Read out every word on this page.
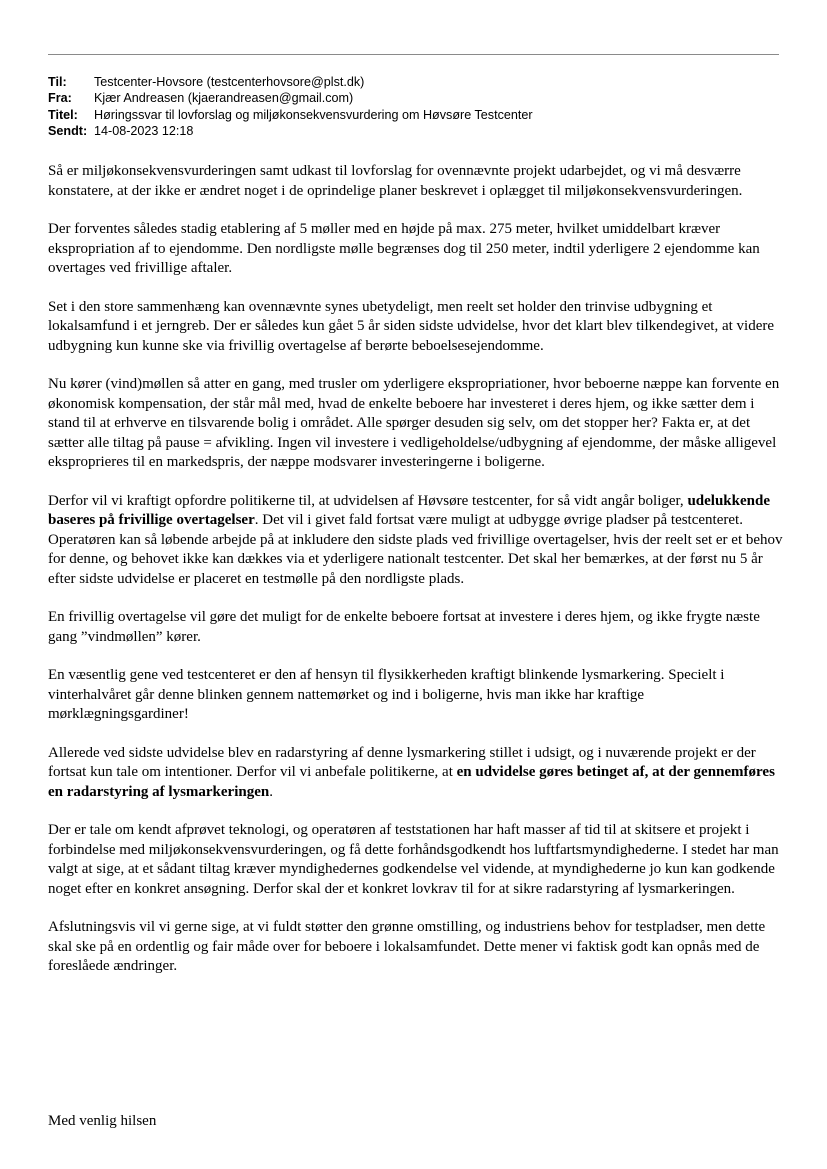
Til:	Testcenter-Hovsore (testcenterhovsore@plst.dk)
Fra:	Kjær Andreasen (kjaerandreasen@gmail.com)
Titel:	Høringssvar til lovforslag og miljøkonsekvensvurdering om Høvsøre Testcenter
Sendt: 14-08-2023 12:18

Så er miljøkonsekvensvurderingen samt udkast til lovforslag for ovennævnte projekt udarbejdet, og vi må desværre konstatere, at der ikke er ændret noget i de oprindelige planer beskrevet i oplægget til miljøkonsekvensvurderingen.

Der forventes således stadig etablering af 5 møller med en højde på max. 275 meter, hvilket umiddelbart kræver ekspropriation af to ejendomme. Den nordligste mølle begrænses dog til 250 meter, indtil yderligere 2 ejendomme kan overtages ved frivillige aftaler.

Set i den store sammenhæng kan ovennævnte synes ubetydeligt, men reelt set holder den trinvise udbygning et lokalsamfund i et jerngreb. Der er således kun gået 5 år siden sidste udvidelse, hvor det klart blev tilkendegivet, at videre udbygning kun kunne ske via frivillig overtagelse af berørte beboelsesejendomme.

Nu kører (vind)møllen så atter en gang, med trusler om yderligere ekspropriationer, hvor beboerne næppe kan forvente en økonomisk kompensation, der står mål med, hvad de enkelte beboere har investeret i deres hjem, og ikke sætter dem i stand til at erhverve en tilsvarende bolig i området. Alle spørger desuden sig selv, om det stopper her? Fakta er, at det sætter alle tiltag på pause = afvikling. Ingen vil investere i vedligeholdelse/udbygning af ejendomme, der måske alligevel eksproprieres til en markedspris, der næppe modsvarer investeringerne i boligerne.

Derfor vil vi kraftigt opfordre politikerne til, at udvidelsen af Høvsøre testcenter, for så vidt angår boliger, udelukkende baseres på frivillige overtagelser. Det vil i givet fald fortsat være muligt at udbygge øvrige pladser på testcenteret. Operatøren kan så løbende arbejde på at inkludere den sidste plads ved frivillige overtagelser, hvis der reelt set er et behov for denne, og behovet ikke kan dækkes via et yderligere nationalt testcenter. Det skal her bemærkes, at der først nu 5 år efter sidste udvidelse er placeret en testmølle på den nordligste plads.

En frivillig overtagelse vil gøre det muligt for de enkelte beboere fortsat at investere i deres hjem, og ikke frygte næste gang ”vindmøllen” kører.

En væsentlig gene ved testcenteret er den af hensyn til flysikkerheden kraftigt blinkende lysmarkering. Specielt i vinterhalvåret går denne blinken gennem nattemørket og ind i boligerne, hvis man ikke har kraftige mørklægningsgardiner!

Allerede ved sidste udvidelse blev en radarstyring af denne lysmarkering stillet i udsigt, og i nuværende projekt er der fortsat kun tale om intentioner. Derfor vil vi anbefale politikerne, at en udvidelse gøres betinget af, at der gennemføres en radarstyring af lysmarkeringen.

Der er tale om kendt afprøvet teknologi, og operatøren af teststationen har haft masser af tid til at skitsere et projekt i forbindelse med miljøkonsekvensvurderingen, og få dette forhåndsgodkendt hos luftfartsmyndighederne. I stedet har man valgt at sige, at et sådant tiltag kræver myndighedernes godkendelse vel vidende, at myndighederne jo kun kan godkende noget efter en konkret ansøgning. Derfor skal der et konkret lovkrav til for at sikre radarstyring af lysmarkeringen.

Afslutningsvis vil vi gerne sige, at vi fuldt støtter den grønne omstilling, og industriens behov for testpladser, men dette skal ske på en ordentlig og fair måde over for beboere i lokalsamfundet. Dette mener vi faktisk godt kan opnås med de foreslåede ændringer.

Med venlig hilsen
